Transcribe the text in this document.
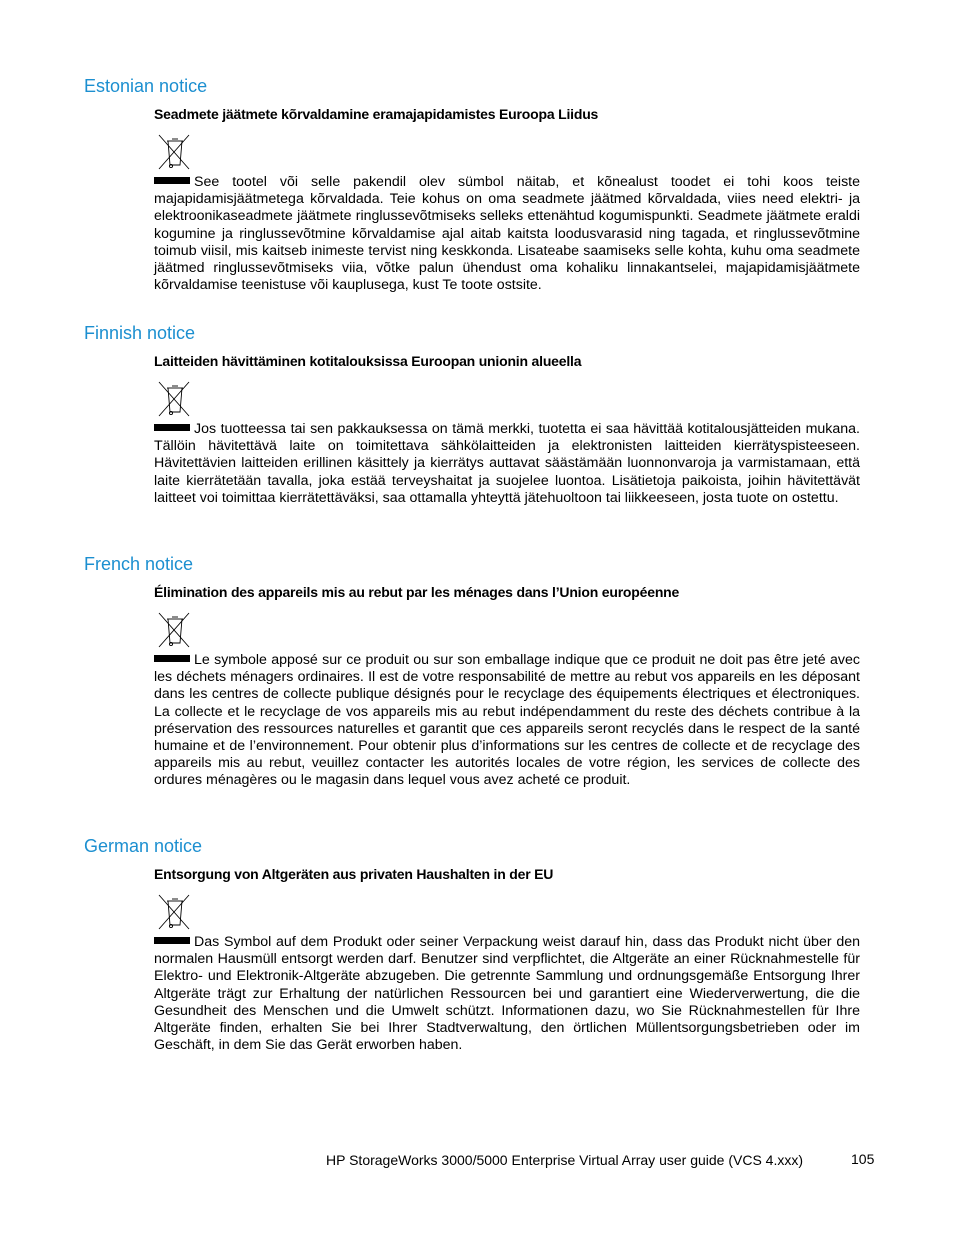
Estonian notice
Seadmete jäätmete kõrvaldamine eramajapidamistes Euroopa Liidus

See tootel või selle pakendil olev sümbol näitab, et kõnealust toodet ei tohi koos teiste majapidamisjäätmetega kõrvaldada. Teie kohus on oma seadmete jäätmed kõrvaldada, viies need elektri- ja elektroonikaseadmete jäätmete ringlussevõtmiseks selleks ettenähtud kogumispunkti. Seadmete jäätmete eraldi kogumine ja ringlussevõtmine kõrvaldamise ajal aitab kaitsta loodusvarasid ning tagada, et ringlussevõtmine toimub viisil, mis kaitseb inimeste tervist ning keskkonda. Lisateabe saamiseks selle kohta, kuhu oma seadmete jäätmed ringlussevõtmiseks viia, võtke palun ühendust oma kohaliku linnakantselei, majapidamisjäätmete kõrvaldamise teenistuse või kauplusega, kust Te toote ostsite.

Finnish notice
Laitteiden hävittäminen kotitalouksissa Euroopan unionin alueella

Jos tuotteessa tai sen pakkauksessa on tämä merkki, tuotetta ei saa hävittää kotitalousjätteiden mukana. Tällöin hävitettävä laite on toimitettava sähkölaitteiden ja elektronisten laitteiden kierrätyspisteeseen. Hävitettävien laitteiden erillinen käsittely ja kierrätys auttavat säästämään luonnonvaroja ja varmistamaan, että laite kierrätetään tavalla, joka estää terveyshaitat ja suojelee luontoa. Lisätietoja paikoista, joihin hävitettävät laitteet voi toimittaa kierrätettäväksi, saa ottamalla yhteyttä jätehuoltoon tai liikkeeseen, josta tuote on ostettu.

French notice
Élimination des appareils mis au rebut par les ménages dans l’Union européenne

Le symbole apposé sur ce produit ou sur son emballage indique que ce produit ne doit pas être jeté avec les déchets ménagers ordinaires. Il est de votre responsabilité de mettre au rebut vos appareils en les déposant dans les centres de collecte publique désignés pour le recyclage des équipements électriques et électroniques. La collecte et le recyclage de vos appareils mis au rebut indépendamment du reste des déchets contribue à la préservation des ressources naturelles et garantit que ces appareils seront recyclés dans le respect de la santé humaine et de l’environnement. Pour obtenir plus d’informations sur les centres de collecte et de recyclage des appareils mis au rebut, veuillez contacter les autorités locales de votre région, les services de collecte des ordures ménagères ou le magasin dans lequel vous avez acheté ce produit.

German notice
Entsorgung von Altgeräten aus privaten Haushalten in der EU

Das Symbol auf dem Produkt oder seiner Verpackung weist darauf hin, dass das Produkt nicht über den normalen Hausmüll entsorgt werden darf. Benutzer sind verpflichtet, die Altgeräte an einer Rücknahmestelle für Elektro- und Elektronik-Altgeräte abzugeben. Die getrennte Sammlung und ordnungsgemäße Entsorgung Ihrer Altgeräte trägt zur Erhaltung der natürlichen Ressourcen bei und garantiert eine Wiederverwertung, die die Gesundheit des Menschen und die Umwelt schützt. Informationen dazu, wo Sie Rücknahmestellen für Ihre Altgeräte finden, erhalten Sie bei Ihrer Stadtverwaltung, den örtlichen Müllentsorgungsbetrieben oder im Geschäft, in dem Sie das Gerät erworben haben.

HP StorageWorks 3000/5000 Enterprise Virtual Array user guide (VCS 4.xxx)	105
